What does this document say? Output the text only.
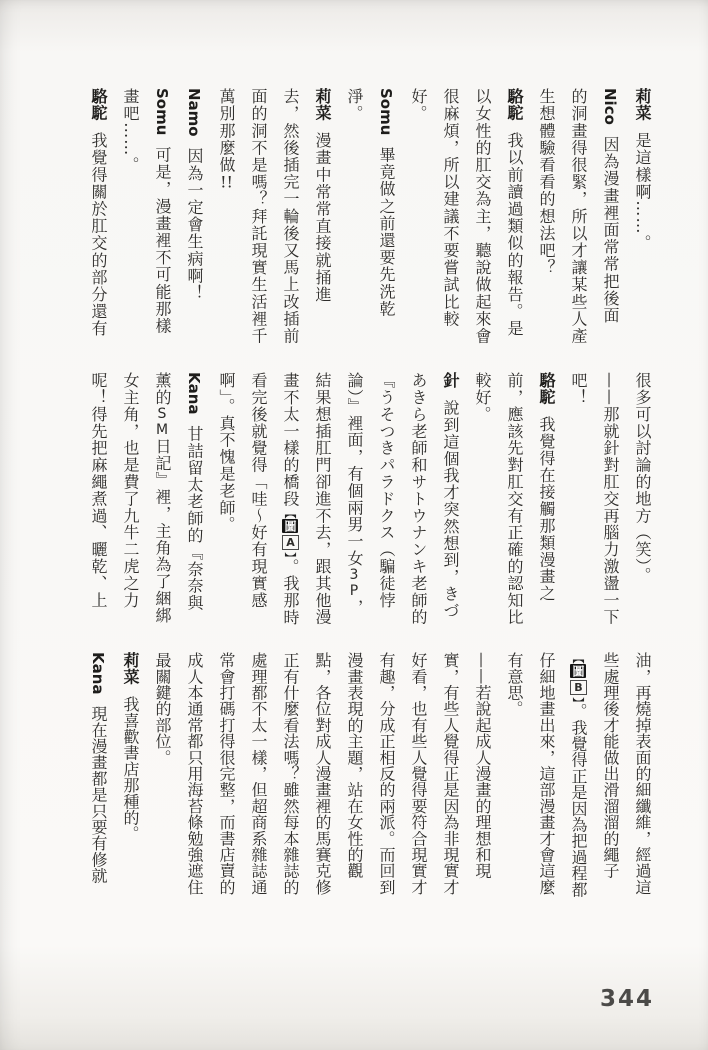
莉菜是這樣啊……。
Nico因為漫畫裡面常常把後面
的洞畫得很緊，所以才讓某些人產
生想體驗看看的想法吧？
駱駝我以前讀過類似的報告。是
以女性的肛交為主，聽說做起來會
很麻煩，所以建議不要嘗試比較
好。
Somu畢竟做之前還要先洗乾
淨。
莉菜漫畫中常常直接就捅進
去，然後插完一輪後又馬上改插前
面的洞不是嗎？拜託現實生活裡千
萬別那麼做!!
Namo因為一定會生病啊！
Somu可是，漫畫裡不可能那樣
畫吧……。
駱駝我覺得關於肛交的部分還有
很多可以討論的地方（笑）。
——那就針對肛交再腦力激盪一下
吧！
駱駝我覺得在接觸那類漫畫之
前，應該先對肛交有正確的認知比
較好。
針說到這個我才突然想到，きづ
あきら老師和サトウナンキ老師的
『うそつきパラドクス（騙徒悖
論）』裡面，有個兩男一女3P，
結果想插肛門卻進不去，跟其他漫
畫不太一樣的橋段【圖A】。我那時
看完後就覺得「哇～好有現實感
啊」。真不愧是老師。
Kana甘詰留太老師的『奈奈與
薰的SM日記』裡，主角為了綑綁
女主角，也是費了九牛二虎之力
呢！得先把麻繩煮過、曬乾、上
油，再燒掉表面的細纖維，經過這
些處理後才能做出滑溜溜的繩子
【圖B】。我覺得正是因為把過程都
仔細地畫出來，這部漫畫才會這麼
有意思。
——若說起成人漫畫的理想和現
實，有些人覺得正是因為非現實才
好看，也有些人覺得要符合現實才
有趣，分成正相反的兩派。而回到
漫畫表現的主題，站在女性的觀
點，各位對成人漫畫裡的馬賽克修
正有什麼看法嗎？雖然每本雜誌的
處理都不太一樣，但超商系雜誌通
常會打碼打得很完整，而書店賣的
成人本通常都只用海苔條勉強遮住
最關鍵的部位。
莉菜我喜歡書店那種的。
Kana現在漫畫都是只要有修就
344
